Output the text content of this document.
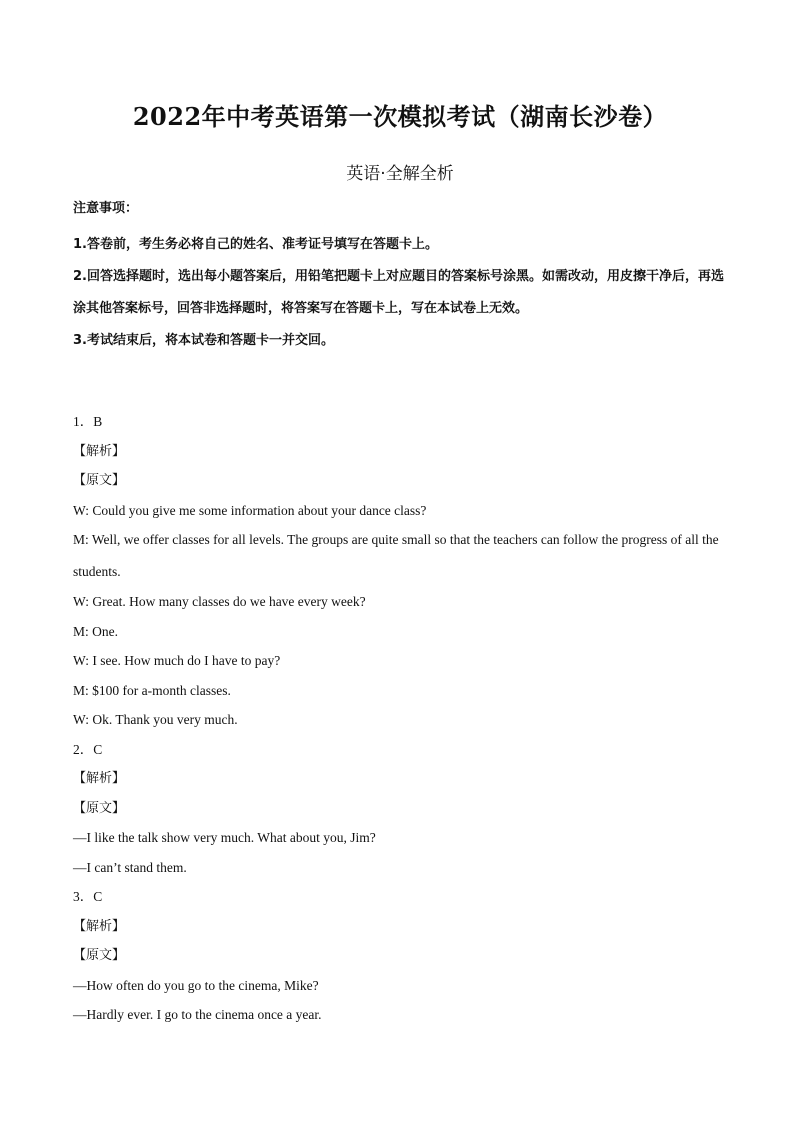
2022年中考英语第一次模拟考试（湖南长沙卷）
英语·全解全析
注意事项：
1.答卷前，考生务必将自己的姓名、准考证号填写在答题卡上。
2.回答选择题时，选出每小题答案后，用铅笔把题卡上对应题目的答案标号涂黑。如需改动，用皮擦干净后，再选涂其他答案标号，回答非选择题时，将答案写在答题卡上，写在本试卷上无效。
3.考试结束后，将本试卷和答题卡一并交回。
1．B
【解析】
【原文】
W: Could you give me some information about your dance class?
M: Well, we offer classes for all levels. The groups are quite small so that the teachers can follow the progress of all the students.
W: Great. How many classes do we have every week?
M: One.
W: I see. How much do I have to pay?
M: $100 for a-month classes.
W: Ok. Thank you very much.
2．C
【解析】
【原文】
—I like the talk show very much. What about you, Jim?
—I can’t stand them.
3．C
【解析】
【原文】
—How often do you go to the cinema, Mike?
—Hardly ever. I go to the cinema once a year.
